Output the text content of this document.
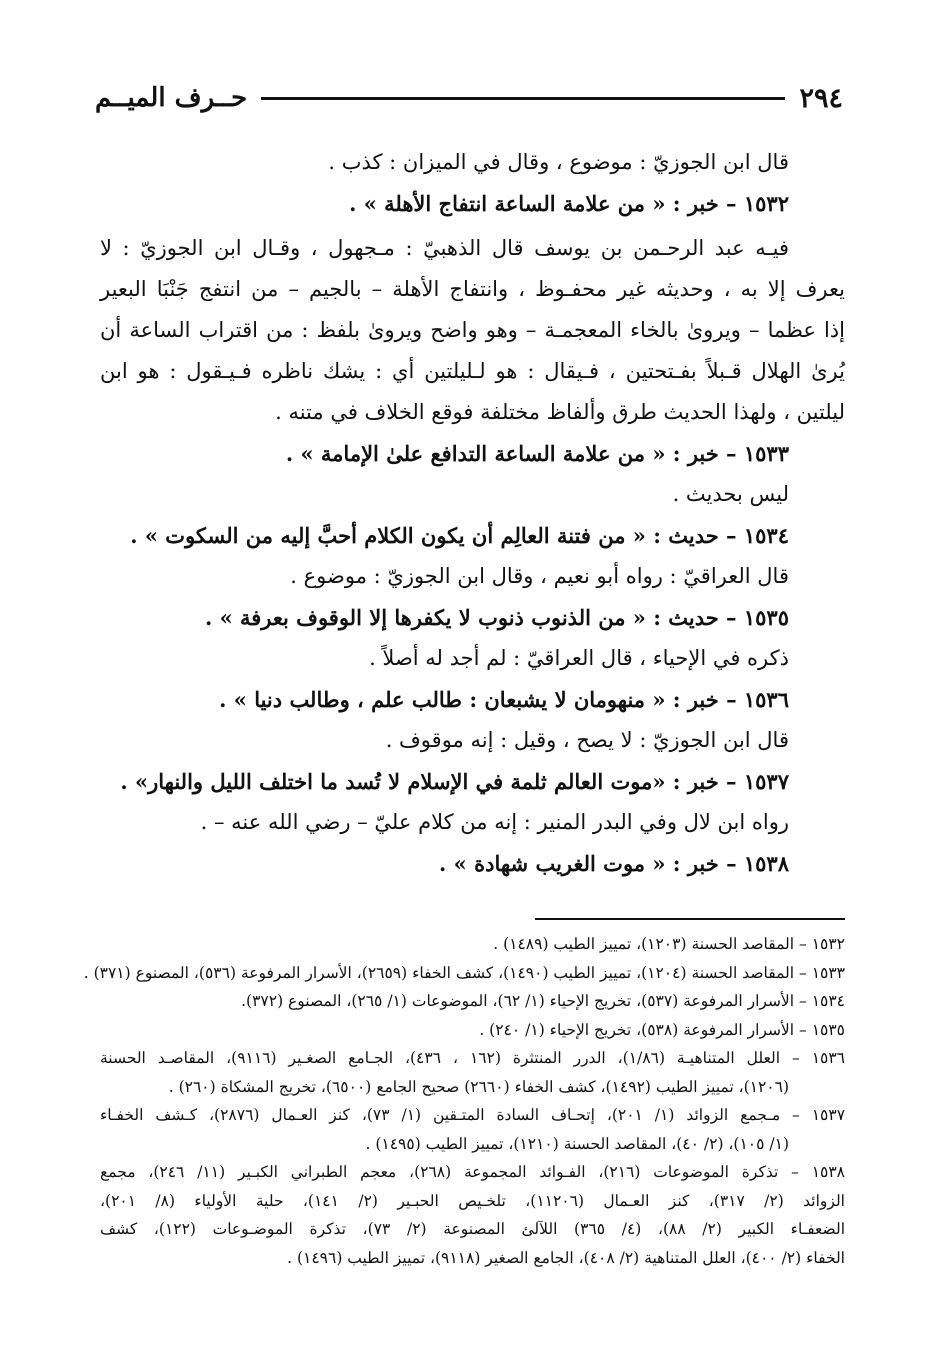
٢٩٤
حــرف الميــم

قال ابن الجوزيّ : موضوع ، وقال في الميزان : كذب .

١٥٣٢ – خبر : « من علامة الساعة انتفاج الأهلة » .

فيـه عبد الرحـمن بن يوسف قال الذهبيّ : مـجهول ، وقـال ابن الجوزيّ : لا

يعرف إلا به ، وحديثه غير محفـوظ ، وانتفاج الأهلة – بالجيم – من انتفج جَنْبَا البعير

إذا عظما – ويروىٰ بالخاء المعجمـة – وهو واضح ويروىٰ بلفظ : من اقتراب الساعة أن

يُرىٰ الهلال قـبلاً بفـتحتين ، فـيقال : هو لـليلتين أي : يشك ناظره فـيـقول : هو ابن

ليلتين ، ولهذا الحديث طرق وألفاظ مختلفة فوقع الخلاف في متنه .

١٥٣٣ – خبر : « من علامة الساعة التدافع علىٰ الإمامة » .

ليس بحديث .

١٥٣٤ – حديث : « من فتنة العالِم أن يكون الكلام أحبَّ إليه من السكوت » .

قال العراقيّ : رواه أبو نعيم ، وقال ابن الجوزيّ : موضوع .

١٥٣٥ – حديث : « من الذنوب ذنوب لا يكفرها إلا الوقوف بعرفة » .

ذكره في الإحياء ، قال العراقيّ : لم أجد له أصلاً .

١٥٣٦ – خبر : « منهومان لا يشبعان : طالب علم ، وطالب دنيا » .

قال ابن الجوزيّ : لا يصح ، وقيل : إنه موقوف .

١٥٣٧ – خبر : «موت العالم ثلمة في الإسلام لا تُسد ما اختلف الليل والنهار» .

رواه ابن لال وفي البدر المنير : إنه من كلام عليّ – رضي الله عنه – .

١٥٣٨ – خبر : « موت الغريب شهادة » .

١٥٣٢ – المقاصد الحسنة (١٢٠٣)، تمييز الطيب (١٤٨٩) .

١٥٣٣ – المقاصد الحسنة (١٢٠٤)، تمييز الطيب (١٤٩٠)، كشف الخفاء (٢٦٥٩)، الأسرار المرفوعة (٥٣٦)، المصنوع (٣٧١) .

١٥٣٤ – الأسرار المرفوعة (٥٣٧)، تخريج الإحياء (١/ ٦٢)، الموضوعات (١/ ٢٦٥)، المصنوع (٣٧٢).

١٥٣٥ – الأسرار المرفوعة (٥٣٨)، تخريج الإحياء (١/ ٢٤٠) .

١٥٣٦ – العلل المتناهيـة (١/٨٦)، الدرر المنتثرة (١٦٢ ، ٤٣٦)، الجـامع الصغـير (٩١١٦)، المقاصـد الحسنة

(١٢٠٦)، تمييز الطيب (١٤٩٢)، كشف الخفاء (٢٦٦٠) صحيح الجامع (٦٥٠٠)، تخريج المشكاة (٢٦٠) .

١٥٣٧ – مـجمع الزوائد (١/ ٢٠١)، إتحـاف السادة المتـقين (١/ ٧٣)، كنز العـمال (٢٨٧٦)، كـشف الخفـاء

(١/ ١٠٥)، (٢/ ٤٠)، المقاصد الحسنة (١٢١٠)، تمييز الطيب (١٤٩٥) .

١٥٣٨ – تذكرة الموضوعات (٢١٦)، الفـوائد المجموعة (٢٦٨)، معجم الطبراني الكبـير (١١/ ٢٤٦)، مجمع

الزوائد (٢/ ٣١٧)، كنز العـمال (١١٢٠٦)، تلخـيص الحبـير (٢/ ١٤١)، حلية الأولياء (٨/ ٢٠١)،

الضعفـاء الكبير (٢/ ٨٨)، (٤/ ٣٦٥) اللآلئ المصنوعة (٢/ ٧٣)، تذكرة الموضـوعات (١٢٢)، كشف

الخفاء (٢/ ٤٠٠)، العلل المتناهية (٢/ ٤٠٨)، الجامع الصغير (٩١١٨)، تمييز الطيب (١٤٩٦) .
